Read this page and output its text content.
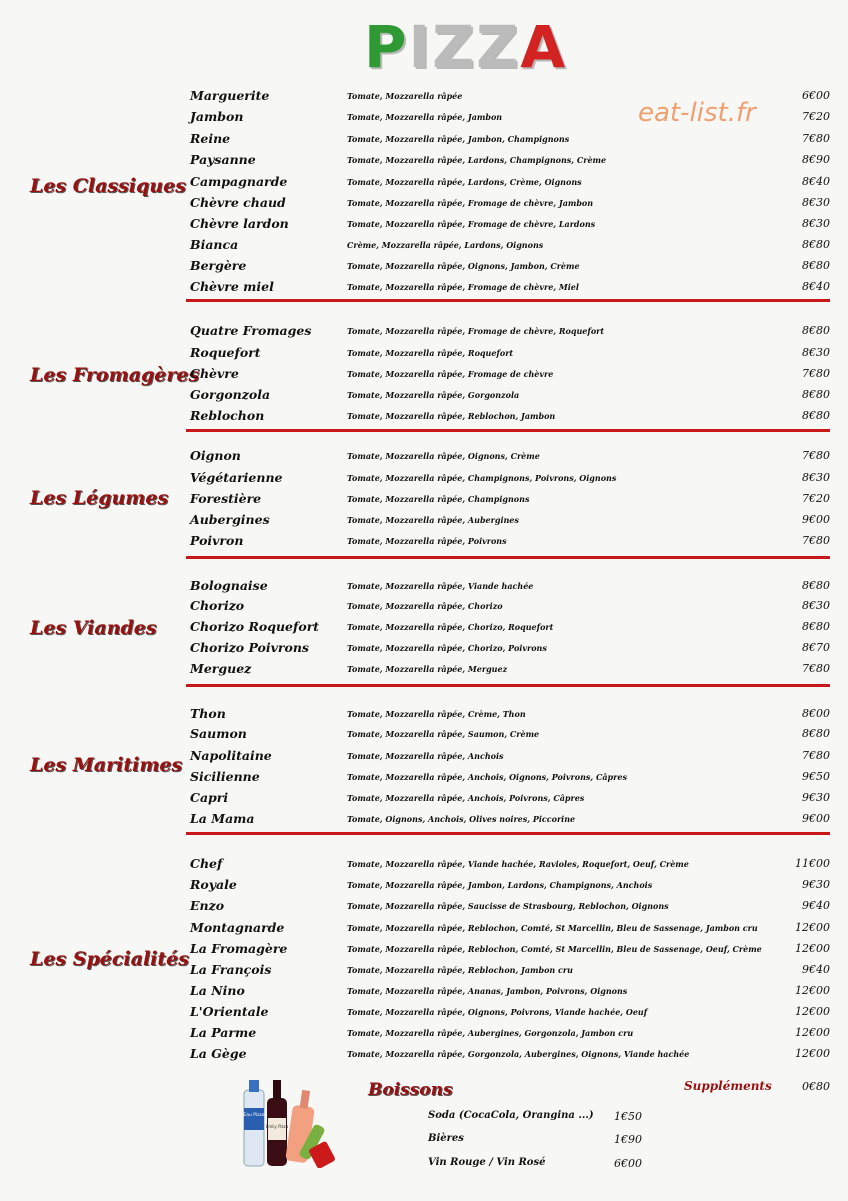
PIZZA
eat-list.fr
Les Classiques
Marguerite	Tomate, Mozzarella râpée	6€00
Jambon	Tomate, Mozzarella râpée, Jambon	7€20
Reine	Tomate, Mozzarella râpée, Jambon, Champignons	7€80
Paysanne	Tomate, Mozzarella râpée, Lardons, Champignons, Crème	8€90
Campagnarde	Tomate, Mozzarella râpée, Lardons, Crème, Oignons	8€40
Chèvre chaud	Tomate, Mozzarella râpée, Fromage de chèvre, Jambon	8€30
Chèvre lardon	Tomate, Mozzarella râpée, Fromage de chèvre, Lardons	8€30
Bianca	Crème, Mozzarella râpée, Lardons, Oignons	8€80
Bergère	Tomate, Mozzarella râpée, Oignons, Jambon, Crème	8€80
Chèvre miel	Tomate, Mozzarella râpée, Fromage de chèvre, Miel	8€40
Les Fromagères
Quatre Fromages	Tomate, Mozzarella râpée, Fromage de chèvre, Roquefort	8€80
Roquefort	Tomate, Mozzarella râpée, Roquefort	8€30
Chèvre	Tomate, Mozzarella râpée, Fromage de chèvre	7€80
Gorgonzola	Tomate, Mozzarella râpée, Gorgonzola	8€80
Reblochon	Tomate, Mozzarella râpée, Reblochon, Jambon	8€80
Les Légumes
Oignon	Tomate, Mozzarella râpée, Oignons, Crème	7€80
Végétarienne	Tomate, Mozzarella râpée, Champignons, Poivrons, Oignons	8€30
Forestière	Tomate, Mozzarella râpée, Champignons	7€20
Aubergines	Tomate, Mozzarella râpée, Aubergines	9€00
Poivron	Tomate, Mozzarella râpée, Poivrons	7€80
Les Viandes
Bolognaise	Tomate, Mozzarella râpée, Viande hachée	8€80
Chorizo	Tomate, Mozzarella râpée, Chorizo	8€30
Chorizo Roquefort	Tomate, Mozzarella râpée, Chorizo, Roquefort	8€80
Chorizo Poivrons	Tomate, Mozzarella râpée, Chorizo, Poivrons	8€70
Merguez	Tomate, Mozzarella râpée, Merguez	7€80
Les Maritimes
Thon	Tomate, Mozzarella râpée, Crème, Thon	8€00
Saumon	Tomate, Mozzarella râpée, Saumon, Crème	8€80
Napolitaine	Tomate, Mozzarella râpée, Anchois	7€80
Sicilienne	Tomate, Mozzarella râpée, Anchois, Oignons, Poivrons, Câpres	9€50
Capri	Tomate, Mozzarella râpée, Anchois, Poivrons, Câpres	9€30
La Mama	Tomate, Oignons, Anchois, Olives noires, Piccorine	9€00
Les Spécialités
Chef	Tomate, Mozzarella râpée, Viande hachée, Ravioles, Roquefort, Oeuf, Crème	11€00
Royale	Tomate, Mozzarella râpée, Jambon, Lardons, Champignons, Anchois	9€30
Enzo	Tomate, Mozzarella râpée, Saucisse de Strasbourg, Reblochon, Oignons	9€40
Montagnarde	Tomate, Mozzarella râpée, Reblochon, Comté, St Marcellin, Bleu de Sassenage, Jambon cru	12€00
La Fromagère	Tomate, Mozzarella râpée, Reblochon, Comté, St Marcellin, Bleu de Sassenage, Oeuf, Crème	12€00
La François	Tomate, Mozzarella râpée, Reblochon, Jambon cru	9€40
La Nino	Tomate, Mozzarella râpée, Ananas, Jambon, Poivrons, Oignons	12€00
L'Orientale	Tomate, Mozzarella râpée, Oignons, Poivrons, Viande hachée, Oeuf	12€00
La Parme	Tomate, Mozzarella râpée, Aubergines, Gorgonzola, Jambon cru	12€00
La Gège	Tomate, Mozzarella râpée, Gorgonzola, Aubergines, Oignons, Viande hachée	12€00
Boissons	Suppléments	0€80
Soda (CocaCola, Orangina ...) 1€50
Bières	1€90
Vin Rouge / Vin Rosé	6€00
Eau Pizza
Emily Pizza
